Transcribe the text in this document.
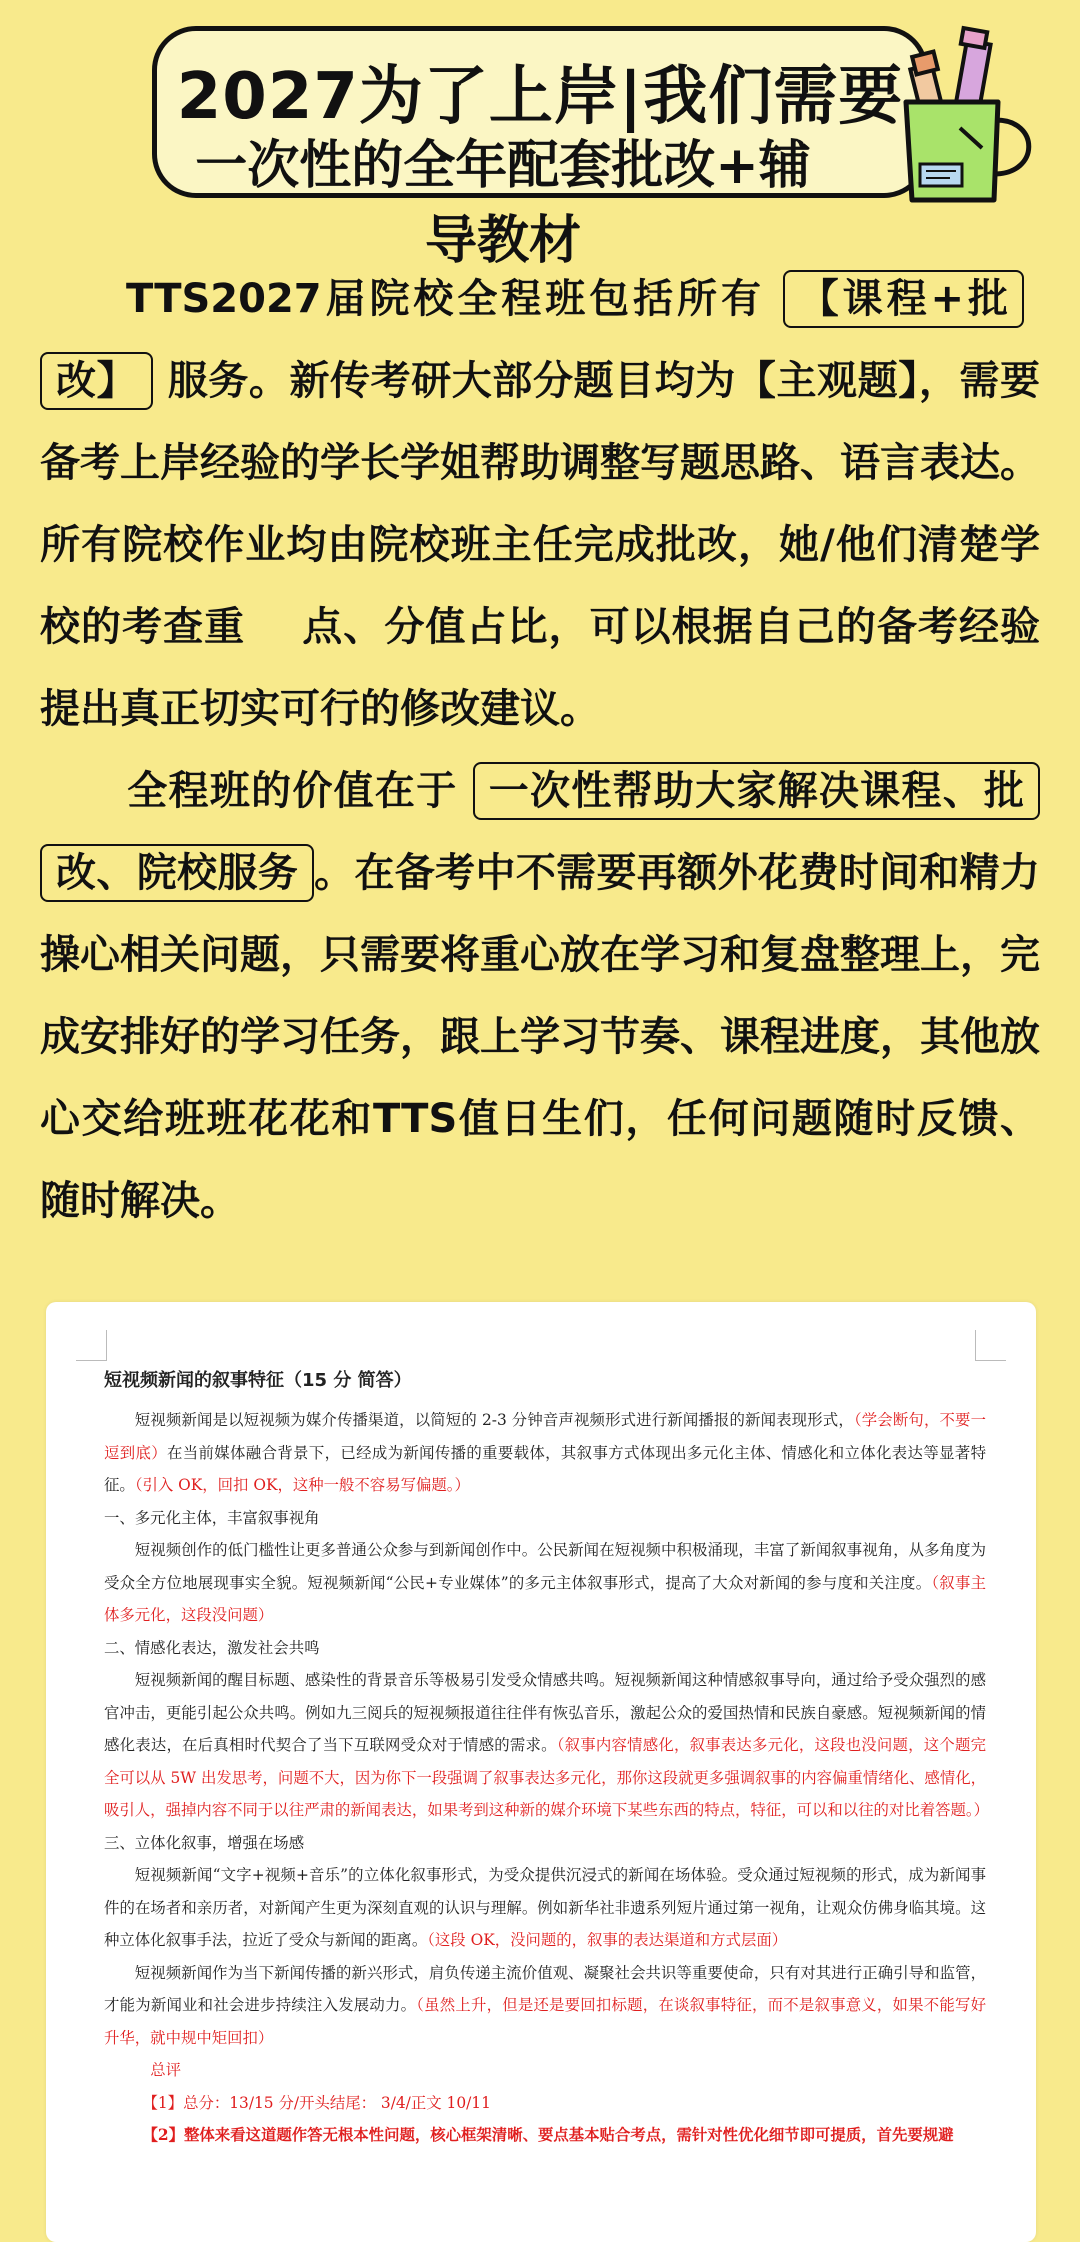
2027为了上岸|我们需要
一次性的全年配套批改+辅导教材
TTS2027届院校全程班包括所有 【课程+批改】 服务。新传考研大部分题目均为【主观题】，需要备考上岸经验的学长学姐帮助调整写题思路、语言表达。所有院校作业均由院校班主任完成批改，她/他们清楚学校的考查重 点、分值占比，可以根据自己的备考经验提出真正切实可行的修改建议。
全程班的价值在于 一次性帮助大家解决课程、批改、院校服务 。在备考中不需要再额外花费时间和精力操心相关问题，只需要将重心放在学习和复盘整理上，完成安排好的学习任务，跟上学习节奏、课程进度，其他放心交给班班花花和TTS值日生们，任何问题随时反馈、随时解决。

短视频新闻的叙事特征（15 分 简答）

短视频新闻是以短视频为媒介传播渠道，以简短的 2-3 分钟音声视频形式进行新闻播报的新闻表现形式，（学会断句，不要一逗到底）在当前媒体融合背景下，已经成为新闻传播的重要载体，其叙事方式体现出多元化主体、情感化和立体化表达等显著特征。（引入 OK，回扣 OK，这种一般不容易写偏题。）

一、多元化主体，丰富叙事视角

短视频创作的低门槛性让更多普通公众参与到新闻创作中。公民新闻在短视频中积极涌现，丰富了新闻叙事视角，从多角度为受众全方位地展现事实全貌。短视频新闻“公民+专业媒体”的多元主体叙事形式，提高了大众对新闻的参与度和关注度。（叙事主体多元化，这段没问题）

二、情感化表达，激发社会共鸣

短视频新闻的醒目标题、感染性的背景音乐等极易引发受众情感共鸣。短视频新闻这种情感叙事导向，通过给予受众强烈的感官冲击，更能引起公众共鸣。例如九三阅兵的短视频报道往往伴有恢弘音乐，激起公众的爱国热情和民族自豪感。短视频新闻的情感化表达，在后真相时代契合了当下互联网受众对于情感的需求。（叙事内容情感化，叙事表达多元化，这段也没问题，这个题完全可以从 5W 出发思考，问题不大，因为你下一段强调了叙事表达多元化，那你这段就更多强调叙事的内容偏重情绪化、感情化，吸引人，强掉内容不同于以往严肃的新闻表达，如果考到这种新的媒介环境下某些东西的特点，特征，可以和以往的对比着答题。）

三、立体化叙事，增强在场感

短视频新闻“文字+视频+音乐”的立体化叙事形式，为受众提供沉浸式的新闻在场体验。受众通过短视频的形式，成为新闻事件的在场者和亲历者，对新闻产生更为深刻直观的认识与理解。例如新华社非遗系列短片通过第一视角，让观众仿佛身临其境。这种立体化叙事手法，拉近了受众与新闻的距离。（这段 OK，没问题的，叙事的表达渠道和方式层面）

短视频新闻作为当下新闻传播的新兴形式，肩负传递主流价值观、凝聚社会共识等重要使命，只有对其进行正确引导和监管，才能为新闻业和社会进步持续注入发展动力。（虽然上升，但是还是要回扣标题，在谈叙事特征，而不是叙事意义，如果不能写好升华，就中规中矩回扣）

总评

【1】总分：13/15 分/开头结尾： 3/4/正文 10/11

【2】整体来看这道题作答无根本性问题，核心框架清晰、要点基本贴合考点，需针对性优化细节即可提质，首先要规避
